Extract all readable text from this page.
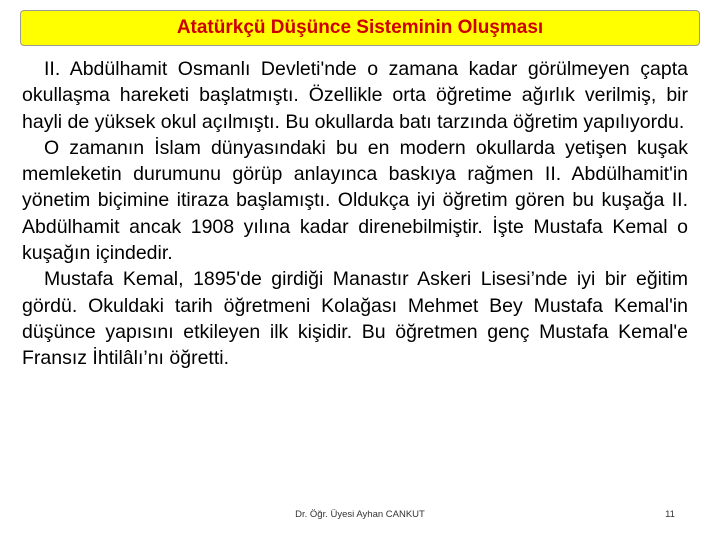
Atatürkçü Düşünce Sisteminin Oluşması

II. Abdülhamit Osmanlı Devleti'nde o zamana kadar görülmeyen çapta okullaşma hareketi başlatmıştı. Özellikle orta öğretime ağırlık verilmiş, bir hayli de yüksek okul açılmıştı. Bu okullarda batı tarzında öğretim yapılıyordu.

O zamanın İslam dünyasındaki bu en modern okullarda yetişen kuşak memleketin durumunu görüp anlayınca baskıya rağmen II. Abdülhamit'in yönetim biçimine itiraza başlamıştı. Oldukça iyi öğretim gören bu kuşağa II. Abdülhamit ancak 1908 yılına kadar direnebilmiştir. İşte Mustafa Kemal o kuşağın içindedir.

Mustafa Kemal, 1895'de girdiği Manastır Askeri Lisesi’nde iyi bir eğitim gördü. Okuldaki tarih öğretmeni Kolağası Mehmet Bey Mustafa Kemal'in düşünce yapısını etkileyen ilk kişidir. Bu öğretmen genç Mustafa Kemal'e Fransız İhtilâlı’nı öğretti.

Dr. Öğr. Üyesi Ayhan CANKUT	11
